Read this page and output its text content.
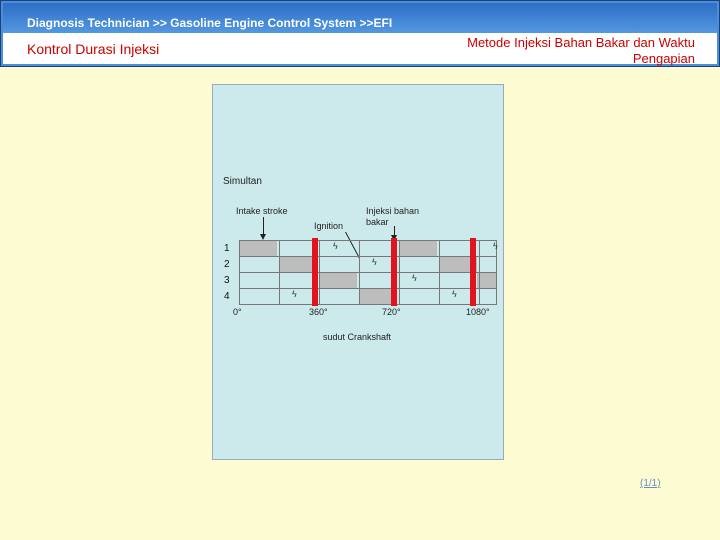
Diagnosis Technician >> Gasoline Engine Control System >>EFI
Kontrol Durasi Injeksi	Metode Injeksi Bahan Bakar dan Waktu
Pengapian
Simultan
Intake stroke
Ignition
Injeksi bahan
bakar
1
2
3
4
ϟ	ϟ
ϟ
ϟ
ϟ	ϟ
0°	360°	720°	1080°
sudut Crankshaft
(1/1)
